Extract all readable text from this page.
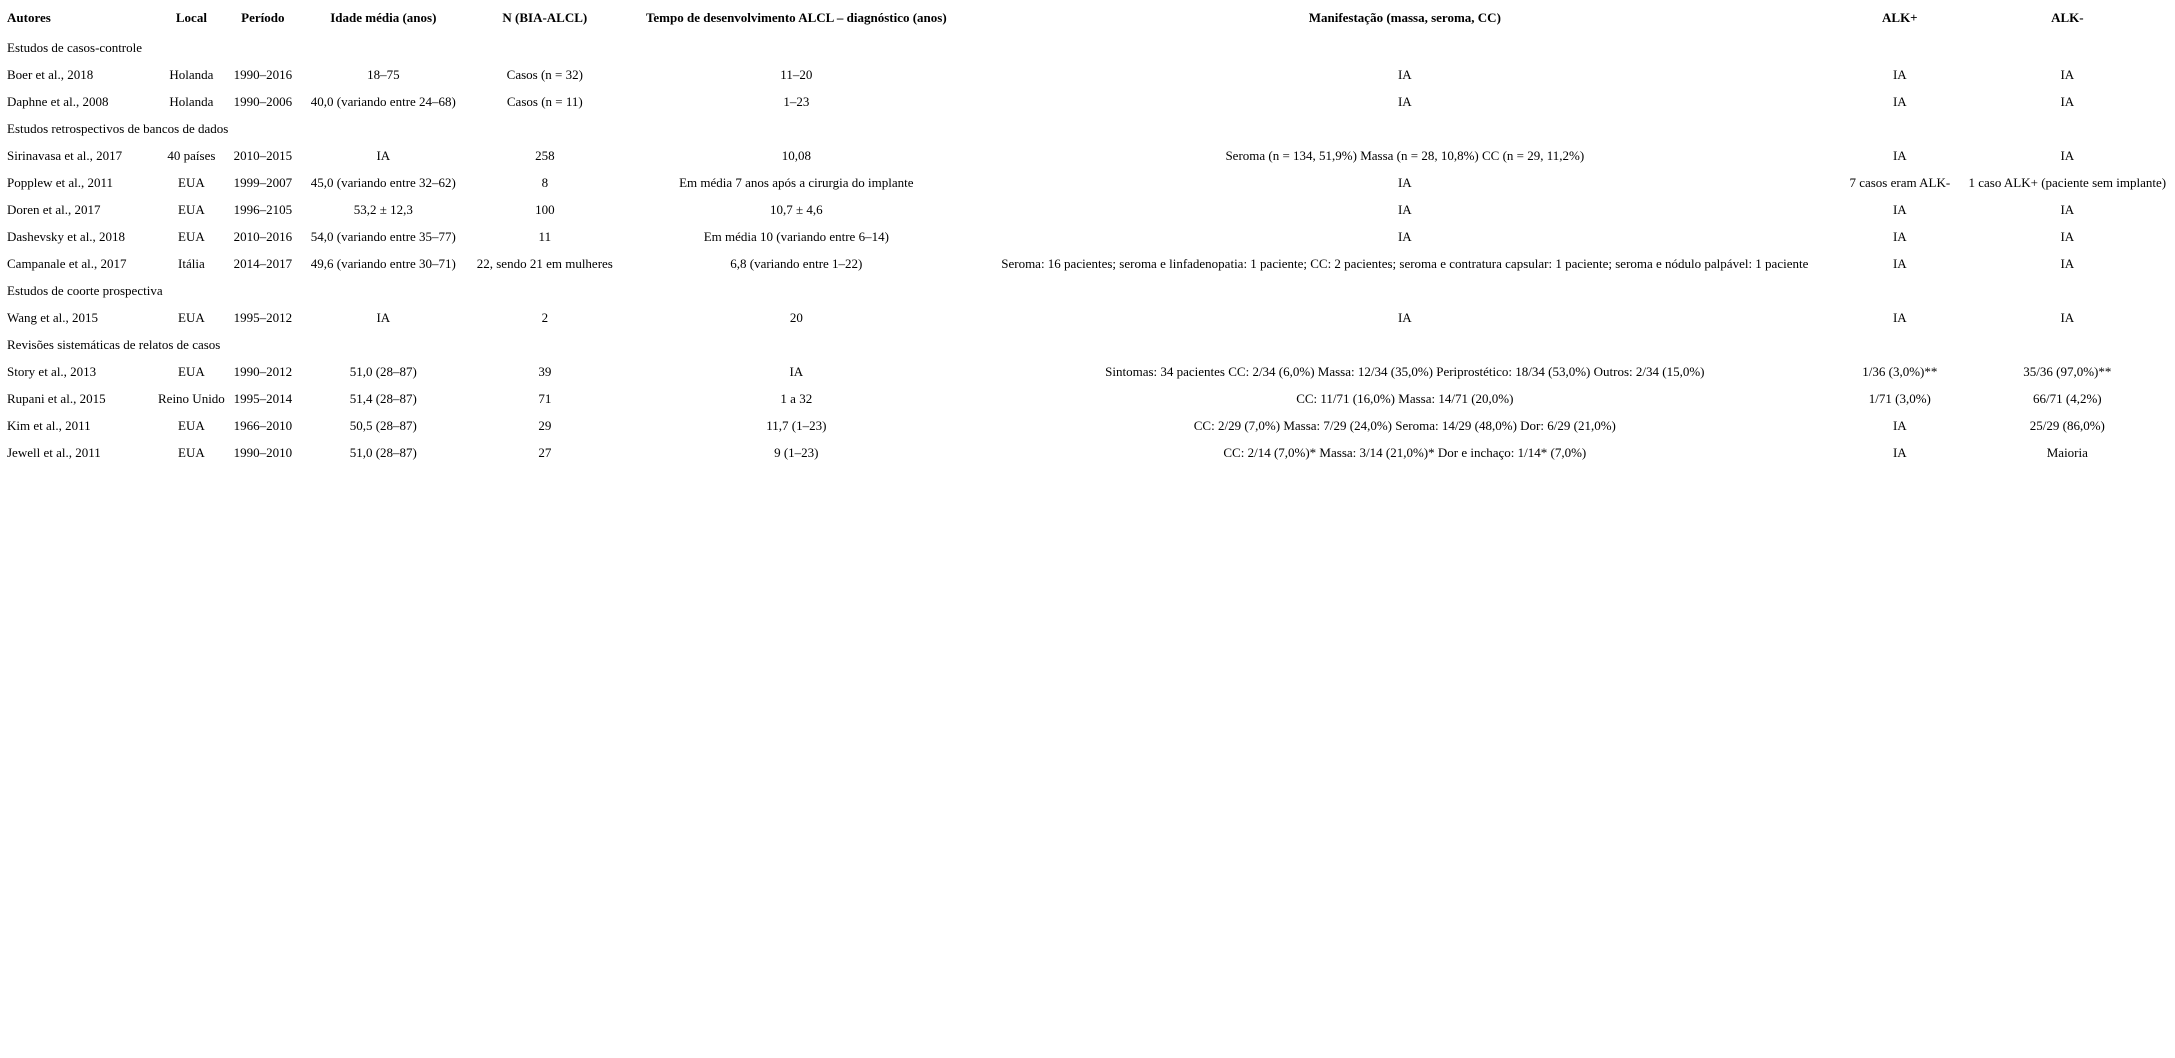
Autores	Local	Período	Idade média (anos)	N (BIA-ALCL)	Tempo de desenvolvimento ALCL – diagnóstico (anos)	Manifestação (massa, seroma, CC)	ALK+	ALK-
Estudos de casos-controle								
Boer et al., 2018	Holanda	1990–2016	18–75	Casos (n = 32)	11–20	IA	IA	IA
Daphne et al., 2008	Holanda	1990–2006	40,0 (variando entre 24–68)	Casos (n = 11)	1–23	IA	IA	IA
Estudos retrospectivos de bancos de dados								
Sirinavasa et al., 2017	40 países	2010–2015	IA	258	10,08	Seroma (n = 134, 51,9%) Massa (n = 28, 10,8%) CC (n = 29, 11,2%)	IA	IA
Popplew et al., 2011	EUA	1999–2007	45,0 (variando entre 32–62)	8	Em média 7 anos após a cirurgia do implante	IA	7 casos eram ALK-	1 caso ALK+ (paciente sem implante)
Doren et al., 2017	EUA	1996–2105	53,2 ± 12,3	100	10,7 ± 4,6	IA	IA	IA
Dashevsky et al., 2018	EUA	2010–2016	54,0 (variando entre 35–77)	11	Em média 10 (variando entre 6–14)	IA	IA	IA
Campanale et al., 2017	Itália	2014–2017	49,6 (variando entre 30–71)	22, sendo 21 em mulheres	6,8 (variando entre 1–22)	Seroma: 16 pacientes; seroma e linfadenopatia: 1 paciente; CC: 2 pacientes; seroma e contratura capsular: 1 paciente; seroma e nódulo palpável: 1 paciente	IA	IA
Estudos de coorte prospectiva								
Wang et al., 2015	EUA	1995–2012	IA	2	20	IA	IA	IA
Revisões sistemáticas de relatos de casos								
Story et al., 2013	EUA	1990–2012	51,0 (28–87)	39	IA	Sintomas: 34 pacientes CC: 2/34 (6,0%) Massa: 12/34 (35,0%) Periprostético: 18/34 (53,0%) Outros: 2/34 (15,0%)	1/36 (3,0%)**	35/36 (97,0%)**
Rupani et al., 2015	Reino Unido	1995–2014	51,4 (28–87)	71	1 a 32	CC: 11/71 (16,0%) Massa: 14/71 (20,0%)	1/71 (3,0%)	66/71 (4,2%)
Kim et al., 2011	EUA	1966–2010	50,5 (28–87)	29	11,7 (1–23)	CC: 2/29 (7,0%) Massa: 7/29 (24,0%) Seroma: 14/29 (48,0%) Dor: 6/29 (21,0%)	IA	25/29 (86,0%)
Jewell et al., 2011	EUA	1990–2010	51,0 (28–87)	27	9 (1–23)	CC: 2/14 (7,0%)* Massa: 3/14 (21,0%)* Dor e inchaço: 1/14* (7,0%)	IA	Maioria
